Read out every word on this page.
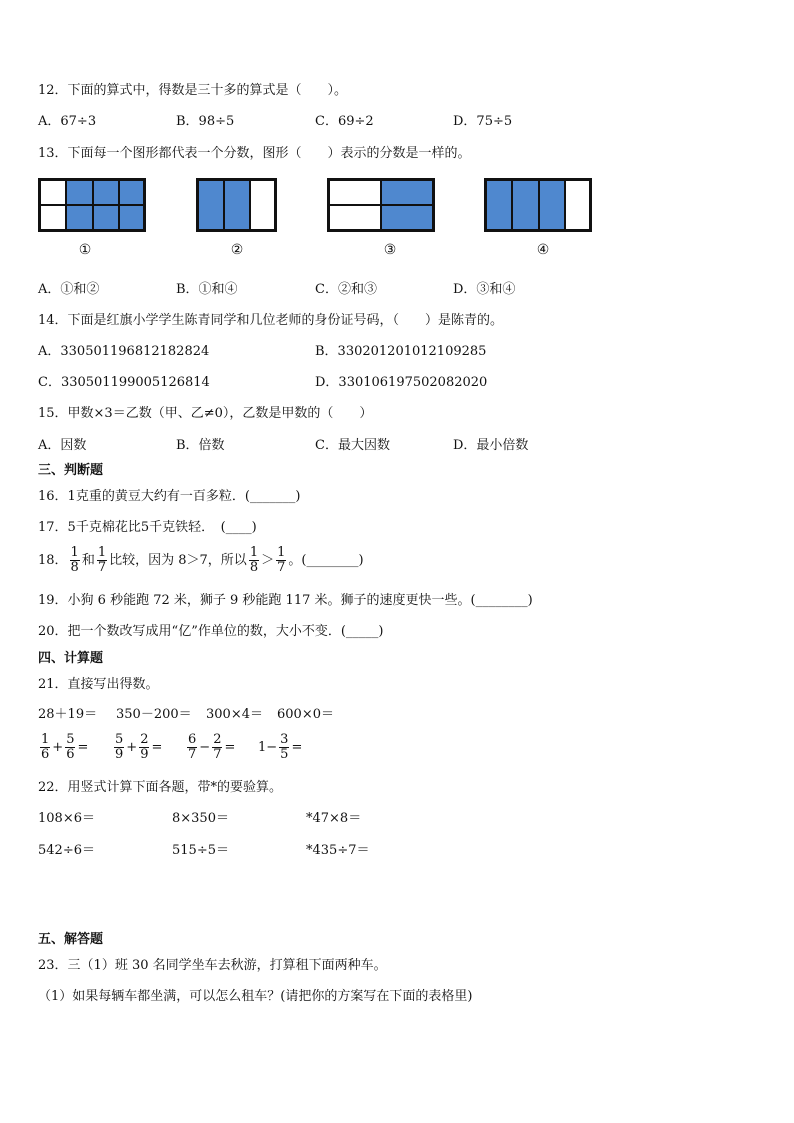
12．下面的算式中，得数是三十多的算式是（　　）。
A．67÷3	B．98÷5	C．69÷2	D．75÷5
13．下面每一个图形都代表一个分数，图形（　　）表示的分数是一样的。
①	②	③	④
A．①和②	B．①和④	C．②和③	D．③和④
14．下面是红旗小学学生陈青同学和几位老师的身份证号码，（　　）是陈青的。
A．330501196812182824	B．330201201012109285
C．330501199005126814	D．330106197502082020
15．甲数×3＝乙数（甲、乙≠0），乙数是甲数的（　　）
A．因数	B．倍数	C．最大因数	D．最小倍数
三、判断题
16．1克重的黄豆大约有一百多粒．(_______)
17．5千克棉花比5千克铁轻．　(____)
18． $\frac{1}{8}$ 和 $\frac{1}{7}$ 比较，因为 8＞7，所以 $\frac{1}{8} > \frac{1}{7}$ 。(________)
19．小狗 6 秒能跑 72 米，狮子 9 秒能跑 117 米。狮子的速度更快一些。(________)
20．把一个数改写成用“亿”作单位的数，大小不变．(_____)
四、计算题
21．直接写出得数。
28＋19＝ 350－200＝ 300×4＝ 600×0＝
$\frac{1}{6} + \frac{5}{6} = \frac{5}{9} + \frac{2}{9} = \frac{6}{7} - \frac{2}{7} = 1- \frac{3}{5}$ =
22．用竖式计算下面各题，带*的要验算。
108×6＝	8×350＝	*47×8＝
542÷6＝	515÷5＝	*435÷7＝
五、解答题
23．三（1）班 30 名同学坐车去秋游，打算租下面两种车。
（1）如果每辆车都坐满，可以怎么租车？(请把你的方案写在下面的表格里)
